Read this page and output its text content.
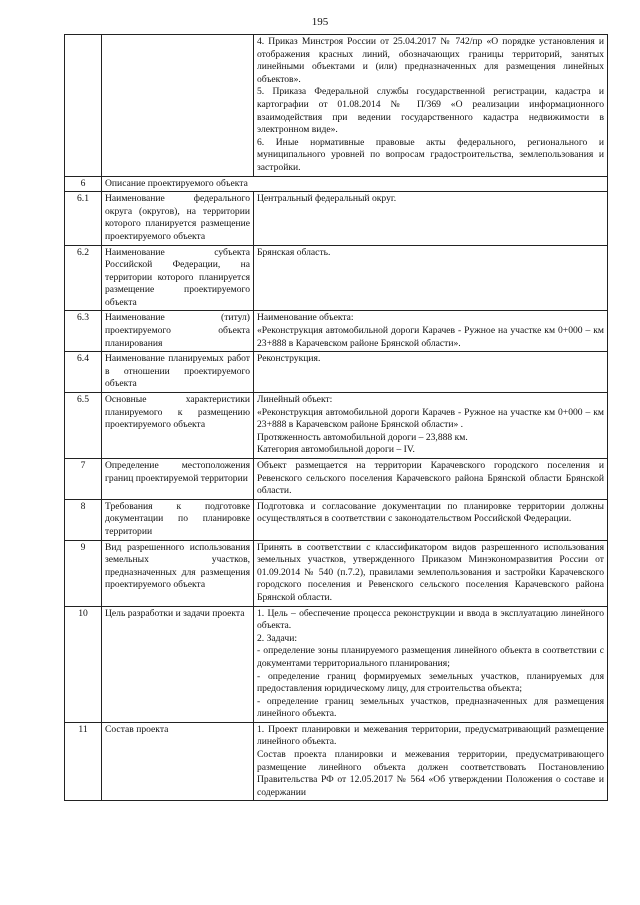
195

		4. Приказ Минстроя России от 25.04.2017 № 742/пр «О порядке установления и отображения красных линий, обозначающих границы территорий, занятых линейными объектами и (или) предназначенных для размещения линейных объектов».

5. Приказа Федеральной службы государственной регистрации, кадастра и картографии от 01.08.2014 № П/369 «О реализации информационного взаимодействия при ведении государственного кадастра недвижимости в электронном виде».

6. Иные нормативные правовые акты федерального, регионального и муниципального уровней по вопросам градостроительства, землепользования и застройки.

6	Описание проектируемого объекта	
6.1	Наименование федерального округа (округов), на территории которого планируется размещение проектируемого объекта	Центральный федеральный округ.

6.2	Наименование субъекта Российской Федерации, на территории которого планируется размещение проектируемого объекта	Брянская область.

6.3	Наименование (титул) проектируемого объекта планирования	Наименование объекта:

«Реконструкция автомобильной дороги Карачев - Ружное на участке км 0+000 – км 23+888 в Карачевском районе Брянской области».

6.4	Наименование планируемых работ в отношении проектируемого объекта	Реконструкция.

6.5	Основные характеристики планируемого к размещению проектируемого объекта	Линейный объект:

«Реконструкция автомобильной дороги Карачев - Ружное на участке км 0+000 – км 23+888 в Карачевском районе Брянской области» .

Протяженность автомобильной дороги – 23,888 км.

Категория автомобильной дороги – IV.

7	Определение местоположения границ проектируемой территории	Объект размещается на территории Карачевского городского поселения и Ревенского сельского поселения Карачевского района Брянской области Брянской области.

8	Требования к подготовке документации по планировке территории	Подготовка и согласование документации по планировке территории должны осуществляться в соответствии с законодательством Российской Федерации.

9	Вид разрешенного использования земельных участков, предназначенных для размещения проектируемого объекта	Принять в соответствии с классификатором видов разрешенного использования земельных участков, утвержденного Приказом Минэкономразвития России от 01.09.2014 № 540 (п.7.2), правилами землепользования и застройки Карачевского городского поселения и Ревенского сельского поселения Карачевского района Брянской области.

10	Цель разработки и задачи проекта	1. Цель – обеспечение процесса реконструкции и ввода в эксплуатацию линейного объекта.

2. Задачи:

- определение зоны планируемого размещения линейного объекта в соответствии с документами территориального планирования;

- определение границ формируемых земельных участков, планируемых для предоставления юридическому лицу, для строительства объекта;

- определение границ земельных участков, предназначенных для размещения линейного объекта.

11	Состав проекта	1. Проект планировки и межевания территории, предусматривающий размещение линейного объекта.

Состав проекта планировки и межевания территории, предусматривающего размещение линейного объекта должен соответствовать Постановлению Правительства РФ от 12.05.2017 № 564 «Об утверждении Положения о составе и содержании
